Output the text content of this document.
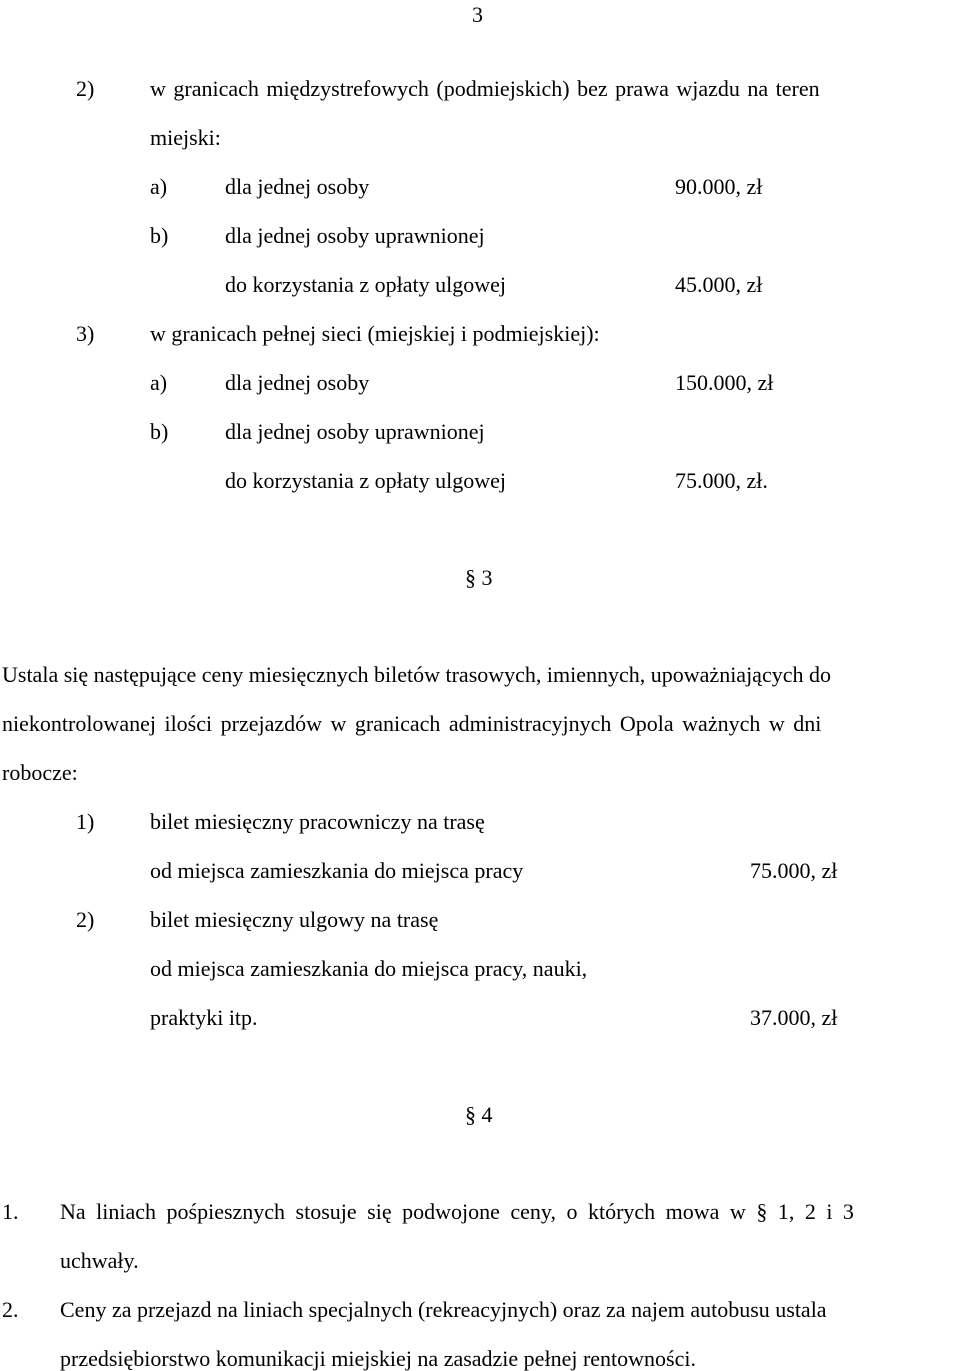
3
2)	w granicach międzystrefowych (podmiejskich) bez prawa wjazdu na teren
miejski:
a)	dla jednej osoby	90.000, zł
b)	dla jednej osoby uprawnionej
do korzystania z opłaty ulgowej	45.000, zł
3)	w granicach pełnej sieci (miejskiej i podmiejskiej):
a)	dla jednej osoby	150.000, zł
b)	dla jednej osoby uprawnionej
do korzystania z opłaty ulgowej	75.000, zł.
§ 3
Ustala się następujące ceny miesięcznych biletów trasowych, imiennych, upoważniających do
niekontrolowanej ilości przejazdów w granicach administracyjnych Opola ważnych w dni
robocze:
1)	bilet miesięczny pracowniczy na trasę
od miejsca zamieszkania do miejsca pracy	75.000, zł
2)	bilet miesięczny ulgowy na trasę
od miejsca zamieszkania do miejsca pracy, nauki,
praktyki itp.	37.000, zł
§ 4
1. Na liniach pośpiesznych stosuje się podwojone ceny, o których mowa w § 1, 2 i 3
uchwały.
2. Ceny za przejazd na liniach specjalnych (rekreacyjnych) oraz za najem autobusu ustala
przedsiębiorstwo komunikacji miejskiej na zasadzie pełnej rentowności.
